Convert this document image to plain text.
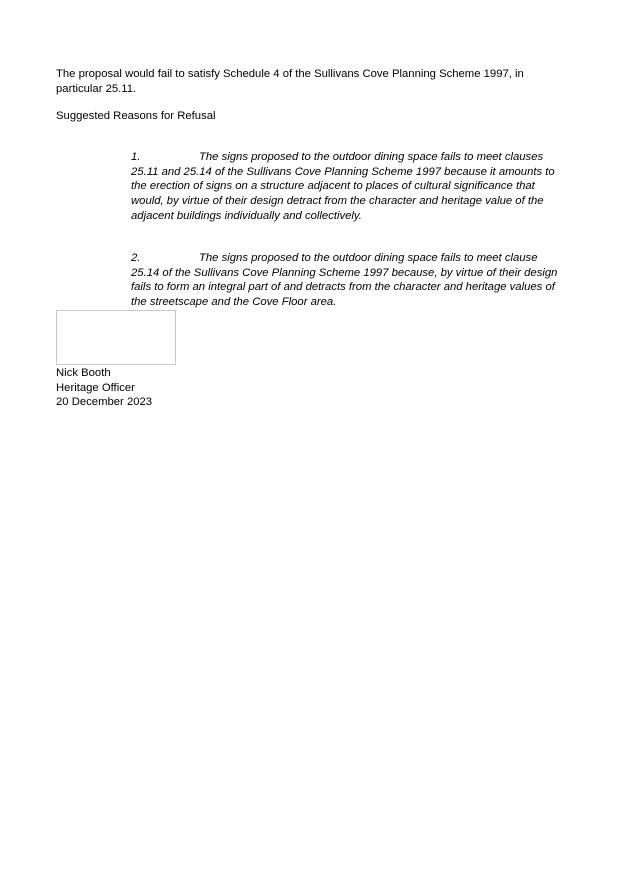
The proposal would fail to satisfy Schedule 4 of the Sullivans Cove Planning Scheme 1997, in particular 25.11.

Suggested Reasons for Refusal

1.	The signs proposed to the outdoor dining space fails to meet clauses 25.11 and 25.14 of the Sullivans Cove Planning Scheme 1997 because it amounts to the erection of signs on a structure adjacent to places of cultural significance that would, by virtue of their design detract from the character and heritage value of the adjacent buildings individually and collectively.

2.	The signs proposed to the outdoor dining space fails to meet clause 25.14 of the Sullivans Cove Planning Scheme 1997 because, by virtue of their design fails to form an integral part of and detracts from the character and heritage values of the streetscape and the Cove Floor area.

Nick Booth
Heritage Officer
20 December 2023
